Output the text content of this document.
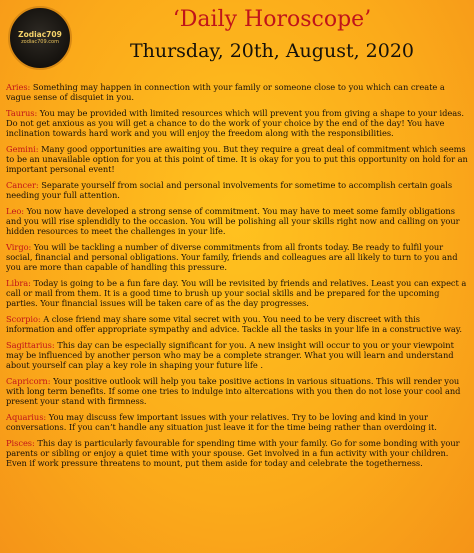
Zodiac709
zodiac709.com
‘Daily Horoscope’
Thursday, 20th, August, 2020

Aries: Something may happen in connection with your family or someone close to you which can create a vague sense of disquiet in you.

Taurus: You may be provided with limited resources which will prevent you from giving a shape to your ideas. Do not get anxious as you will get a chance to do the work of your choice by the end of the day! You have inclination towards hard work and you will enjoy the freedom along with the responsibilities.

Gemini: Many good opportunities are awaiting you. But they require a great deal of commitment which seems to be an unavailable option for you at this point of time. It is okay for you to put this opportunity on hold for an important personal event!

Cancer: Separate yourself from social and personal involvements for sometime to accomplish certain goals needing your full attention.

Leo: You now have developed a strong sense of commitment. You may have to meet some family obligations and you will rise splendidly to the occasion. You will be polishing all your skills right now and calling on your hidden resources to meet the challenges in your life.

Virgo: You will be tackling a number of diverse commitments from all fronts today. Be ready to fulfil your social, financial and personal obligations. Your family, friends and colleagues are all likely to turn to you and you are more than capable of handling this pressure.

Libra: Today is going to be a fun fare day. You will be revisited by friends and relatives. Least you can expect a call or mail from them. It is a good time to brush up your social skills and be prepared for the upcoming parties. Your financial issues will be taken care of as the day progresses.

Scorpio: A close friend may share some vital secret with you. You need to be very discreet with this information and offer appropriate sympathy and advice. Tackle all the tasks in your life in a constructive way.

Sagittarius: This day can be especially significant for you. A new insight will occur to you or your viewpoint may be influenced by another person who may be a complete stranger. What you will learn and understand about yourself can play a key role in shaping your future life .

Capricorn: Your positive outlook will help you take positive actions in various situations. This will render you with long term benefits. If some one tries to indulge into altercations with you then do not lose your cool and present your stand with firmness.

Aquarius: You may discuss few important issues with your relatives. Try to be loving and kind in your conversations. If you can’t handle any situation just leave it for the time being rather than overdoing it.

Pisces: This day is particularly favourable for spending time with your family. Go for some bonding with your parents or sibling or enjoy a quiet time with your spouse. Get involved in a fun activity with your children. Even if work pressure threatens to mount, put them aside for today and celebrate the togetherness.
